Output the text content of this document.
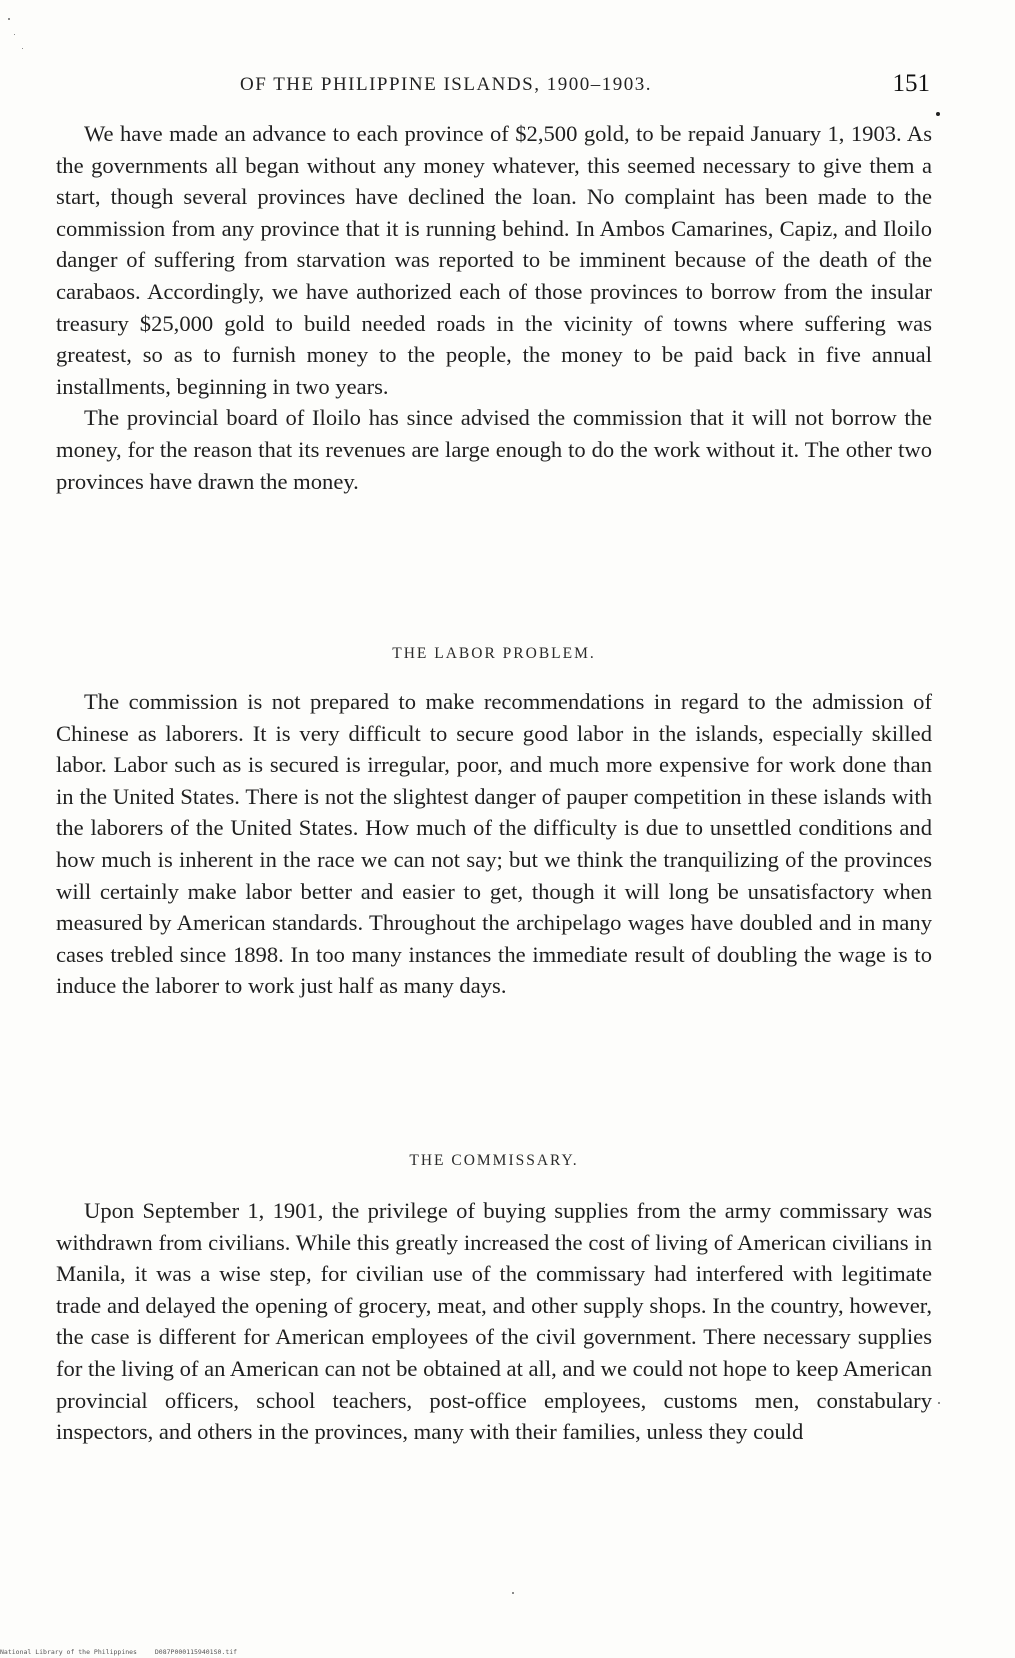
OF THE PHILIPPINE ISLANDS, 1900–1903.	151

We have made an advance to each province of $2,500 gold, to be repaid January 1, 1903. As the governments all began without any money whatever, this seemed necessary to give them a start, though several provinces have declined the loan. No complaint has been made to the commission from any province that it is running behind. In Ambos Camarines, Capiz, and Iloilo danger of suffering from starvation was reported to be imminent because of the death of the carabaos. Accordingly, we have authorized each of those provinces to borrow from the insular treasury $25,000 gold to build needed roads in the vicinity of towns where suffering was greatest, so as to furnish money to the people, the money to be paid back in five annual installments, beginning in two years.

The provincial board of Iloilo has since advised the commission that it will not borrow the money, for the reason that its revenues are large enough to do the work without it. The other two provinces have drawn the money.

THE LABOR PROBLEM.

The commission is not prepared to make recommendations in regard to the admission of Chinese as laborers. It is very difficult to secure good labor in the islands, especially skilled labor. Labor such as is secured is irregular, poor, and much more expensive for work done than in the United States. There is not the slightest danger of pauper competition in these islands with the laborers of the United States. How much of the difficulty is due to unsettled conditions and how much is inherent in the race we can not say; but we think the tranquilizing of the provinces will certainly make labor better and easier to get, though it will long be unsatisfactory when measured by American standards. Throughout the archipelago wages have doubled and in many cases trebled since 1898. In too many instances the immediate result of doubling the wage is to induce the laborer to work just half as many days.

THE COMMISSARY.

Upon September 1, 1901, the privilege of buying supplies from the army commissary was withdrawn from civilians. While this greatly increased the cost of living of American civilians in Manila, it was a wise step, for civilian use of the commissary had interfered with legitimate trade and delayed the opening of grocery, meat, and other supply shops. In the country, however, the case is different for American employees of the civil government. There necessary supplies for the living of an American can not be obtained at all, and we could not hope to keep American provincial officers, school teachers, post-office employees, customs men, constabulary inspectors, and others in the provinces, many with their families, unless they could

National Library of the Philippines	D087P0001159401S0.tif
